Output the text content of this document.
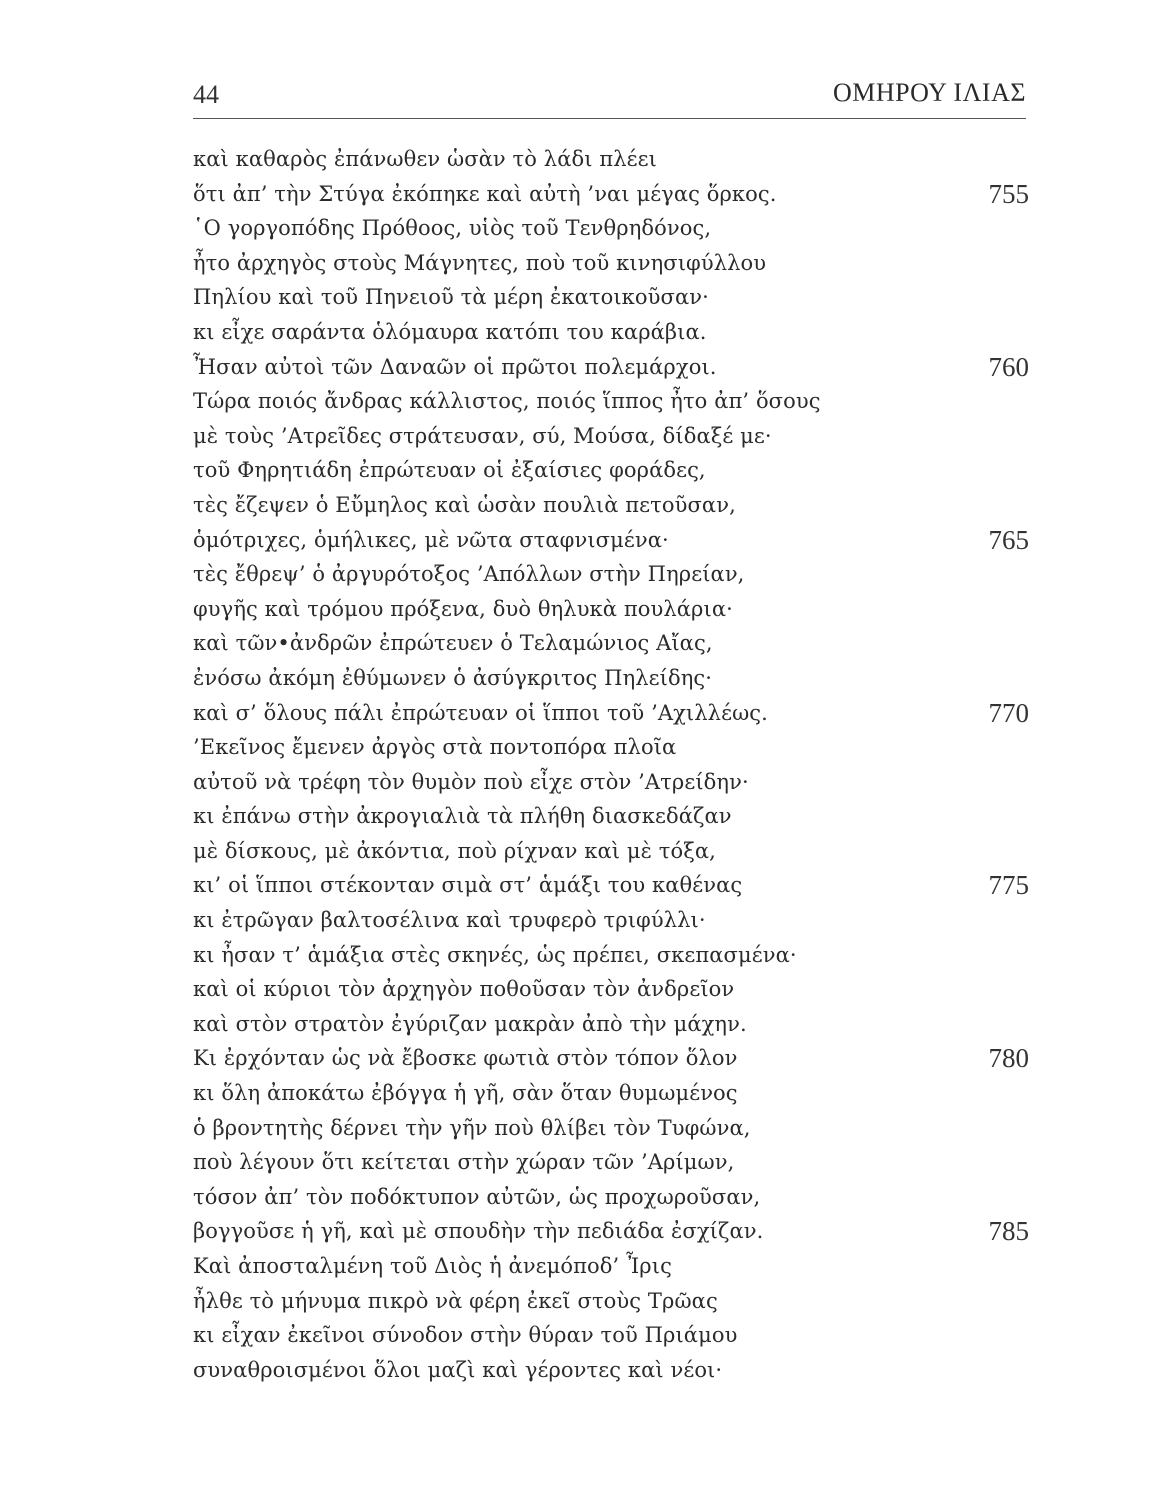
44	ΟΜΗΡΟΥ ΙΛΙΑΣ
καὶ καθαρὸς ἐπάνωθεν ὡσὰν τὸ λάδι πλέει
ὅτι ἀπ’ τὴν Στύγα ἐκόπηκε καὶ αὐτὴ ’ναι μέγας ὅρκος.	755
῾Ο γοργοπόδης Πρόθοος, υἱὸς τοῦ Τενθρηδόνος,
ἦτο ἀρχηγὸς στοὺς Μάγνητες, ποὺ τοῦ κινησιφύλλου
Πηλίου καὶ τοῦ Πηνειοῦ τὰ μέρη ἐκατοικοῦσαν·
κι εἶχε σαράντα ὁλόμαυρα κατόπι του καράβια.
Ἦσαν αὐτοὶ τῶν Δαναῶν οἱ πρῶτοι πολεμάρχοι.	760
Τώρα ποιός ἄνδρας κάλλιστος, ποιός ἵππος ἦτο ἀπ’ ὅσους
μὲ τοὺς ’Ατρεῖδες στράτευσαν, σύ, Μούσα, δίδαξέ με·
τοῦ Φηρητιάδη ἐπρώτευαν οἱ ἐξαίσιες φοράδες,
τὲς ἔζεψεν ὁ Εὔμηλος καὶ ὡσὰν πουλιὰ πετοῦσαν,
ὁμότριχες, ὁμήλικες, μὲ νῶτα σταφνισμένα·	765
τὲς ἔθρεψ’ ὁ ἀργυρότοξος ’Απόλλων στὴν Πηρείαν,
φυγῆς καὶ τρόμου πρόξενα, δυὸ θηλυκὰ πουλάρια·
καὶ τῶν•ἀνδρῶν ἐπρώτευεν ὁ Τελαμώνιος Αἴας,
ἐνόσω ἀκόμη ἐθύμωνεν ὁ ἀσύγκριτος Πηλείδης·
καὶ σ’ ὅλους πάλι ἐπρώτευαν οἱ ἵπποι τοῦ ’Αχιλλέως.	770
’Εκεῖνος ἔμενεν ἀργὸς στὰ ποντοπόρα πλοῖα
αὐτοῦ νὰ τρέφη τὸν θυμὸν ποὺ εἶχε στὸν ’Ατρείδην·
κι ἐπάνω στὴν ἀκρογιαλιὰ τὰ πλήθη διασκεδάζαν
μὲ δίσκους, μὲ ἀκόντια, ποὺ ρίχναν καὶ μὲ τόξα,
κι’ οἱ ἵπποι στέκονταν σιμὰ στ’ ἁμάξι του καθένας	775
κι ἐτρῶγαν βαλτοσέλινα καὶ τρυφερὸ τριφύλλι·
κι ἦσαν τ’ ἁμάξια στὲς σκηνές, ὡς πρέπει, σκεπασμένα·
καὶ οἱ κύριοι τὸν ἀρχηγὸν ποθοῦσαν τὸν ἀνδρεῖον
καὶ στὸν στρατὸν ἐγύριζαν μακρὰν ἀπὸ τὴν μάχην.
Κι ἐρχόνταν ὡς νὰ ἔβοσκε φωτιὰ στὸν τόπον ὅλον	780
κι ὅλη ἀποκάτω ἐβόγγα ἡ γῆ, σὰν ὅταν θυμωμένος
ὁ βροντητὴς δέρνει τὴν γῆν ποὺ θλίβει τὸν Τυφώνα,
ποὺ λέγουν ὅτι κείτεται στὴν χώραν τῶν ’Αρίμων,
τόσον ἀπ’ τὸν ποδόκτυπον αὐτῶν, ὡς προχωροῦσαν,
βογγοῦσε ἡ γῆ, καὶ μὲ σπουδὴν τὴν πεδιάδα ἐσχίζαν.	785
Καὶ ἀποσταλμένη τοῦ Διὸς ἡ ἀνεμόποδ’ Ἶρις
ἦλθε τὸ μήνυμα πικρὸ νὰ φέρη ἐκεῖ στοὺς Τρῶας
κι εἶχαν ἐκεῖνοι σύνοδον στὴν θύραν τοῦ Πριάμου
συναθροισμένοι ὅλοι μαζὶ καὶ γέροντες καὶ νέοι·
